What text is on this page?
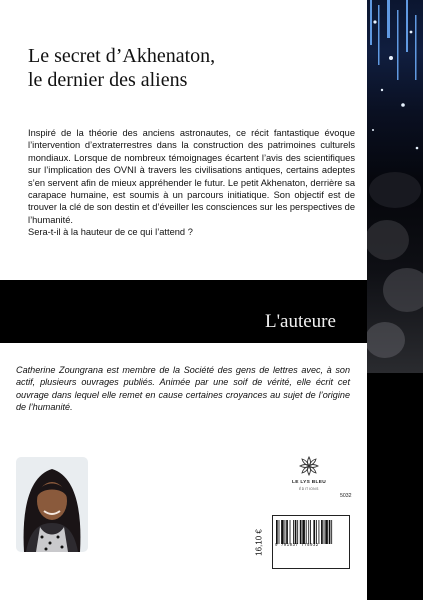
Le secret d’Akhenaton,
le dernier des aliens

Inspiré de la théorie des anciens astronautes, ce récit fantastique évoque l’intervention d’extraterrestres dans la construction des patrimoines culturels mondiaux. Lorsque de nombreux témoignages écartent l’avis des scientifiques sur l’implication des OVNI à travers les civilisations antiques, certains adeptes s’en servent afin de mieux appréhender le futur. Le petit Akhenaton, derrière sa carapace humaine, est soumis à un parcours initiatique. Son objectif est de trouver la clé de son destin et d’éveiller les consciences sur les perspectives de l’humanité.

Sera-t-il à la hauteur de ce qui l’attend ?

L'auteure

Catherine Zoungrana est membre de la Société des gens de lettres avec, à son actif, plusieurs ouvrages publiés. Animée par une soif de vérité, elle écrit cet ouvrage dans lequel elle remet en cause certaines croyances au sujet de l’origine de l’humanité.

LE LYS BLEU
ÉDITIONS
5032
16,10 €	9 791037 775932
